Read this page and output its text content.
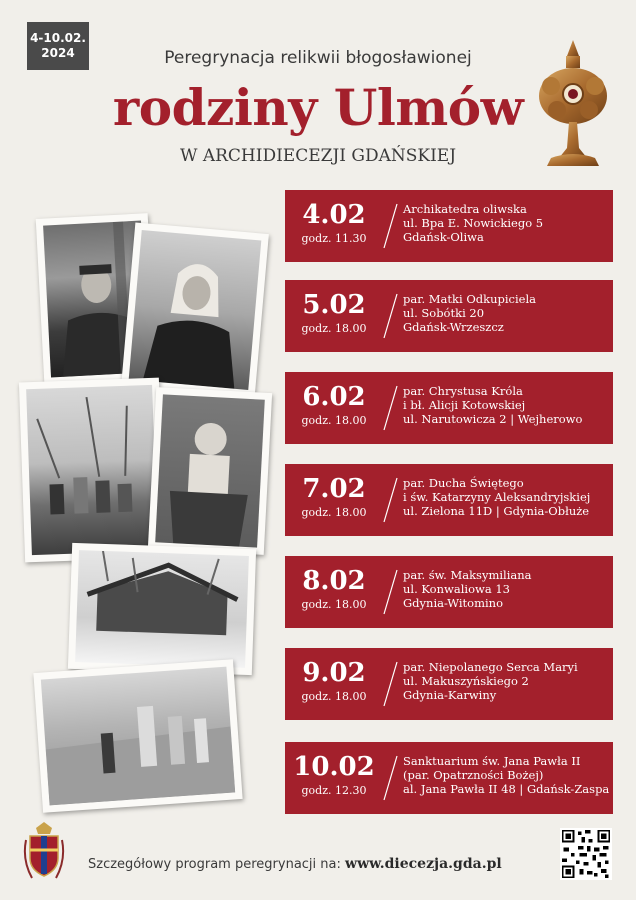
4-10.02.
2024	Peregrynacja relikwii błogosławionej
rodziny Ulmów
W ARCHIDIECEZJI GDAŃSKIEJ
4.02
godz. 11.30
Archikatedra oliwska
ul. Bpa E. Nowickiego 5
Gdańsk-Oliwa
5.02
godz. 18.00
par. Matki Odkupiciela
ul. Sobótki 20
Gdańsk-Wrzeszcz
6.02
godz. 18.00
par. Chrystusa Króla
i bł. Alicji Kotowskiej
ul. Narutowicza 2 | Wejherowo
7.02
godz. 18.00
par. Ducha Świętego
i św. Katarzyny Aleksandryjskiej
ul. Zielona 11D | Gdynia-Obłuże
8.02
godz. 18.00
par. św. Maksymiliana
ul. Konwaliowa 13
Gdynia-Witomino
9.02
godz. 18.00
par. Niepolanego Serca Maryi
ul. Makuszyńskiego 2
Gdynia-Karwiny
10.02
godz. 12.30
Sanktuarium św. Jana Pawła II
(par. Opatrzności Bożej)
al. Jana Pawła II 48 | Gdańsk-Zaspa
Szczegółowy program peregrynacji na: www.diecezja.gda.pl
